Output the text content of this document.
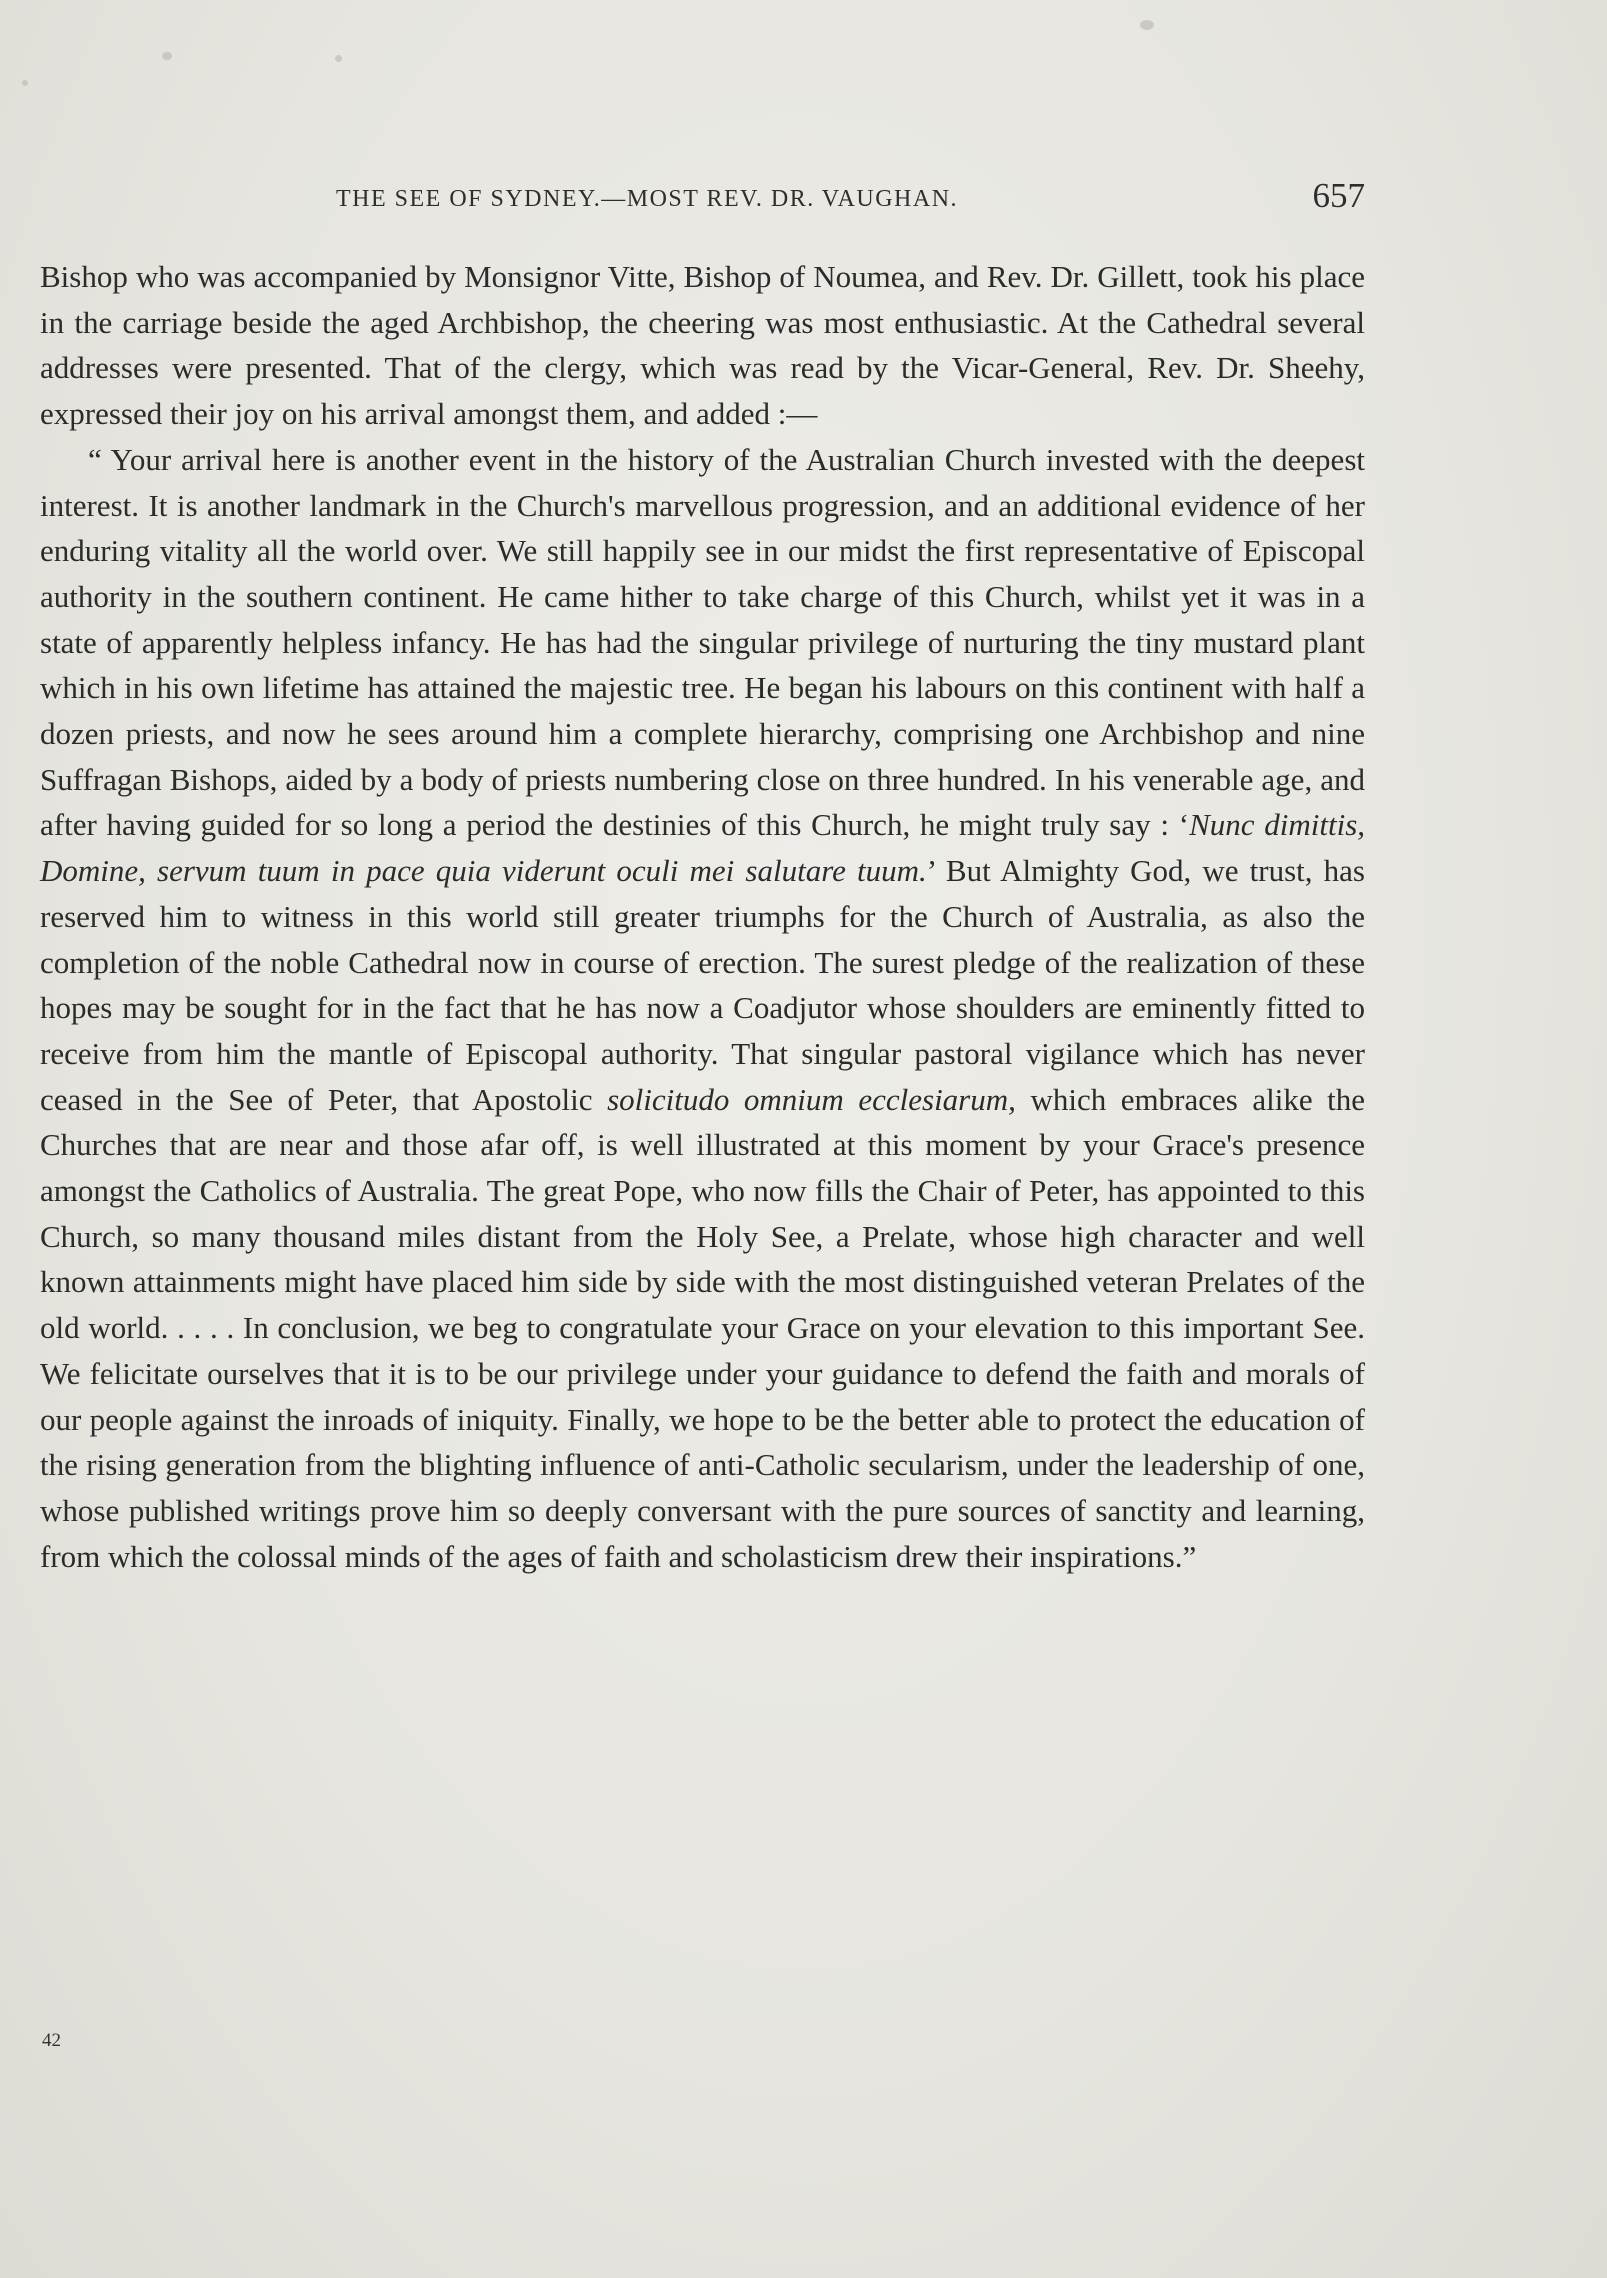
THE SEE OF SYDNEY.—MOST REV. DR. VAUGHAN.	657

Bishop who was accompanied by Monsignor Vitte, Bishop of Noumea, and Rev. Dr. Gillett, took his place in the carriage beside the aged Archbishop, the cheering was most enthusiastic. At the Cathedral several addresses were presented. That of the clergy, which was read by the Vicar-General, Rev. Dr. Sheehy, expressed their joy on his arrival amongst them, and added :—

“ Your arrival here is another event in the history of the Australian Church invested with the deepest interest. It is another landmark in the Church's marvellous progression, and an additional evidence of her enduring vitality all the world over. We still happily see in our midst the first representative of Episcopal authority in the southern continent. He came hither to take charge of this Church, whilst yet it was in a state of apparently helpless infancy. He has had the singular privilege of nurturing the tiny mustard plant which in his own lifetime has attained the majestic tree. He began his labours on this continent with half a dozen priests, and now he sees around him a complete hierarchy, comprising one Archbishop and nine Suffragan Bishops, aided by a body of priests numbering close on three hundred. In his venerable age, and after having guided for so long a period the destinies of this Church, he might truly say : ‘Nunc dimittis, Domine, servum tuum in pace quia viderunt oculi mei salutare tuum.’ But Almighty God, we trust, has reserved him to witness in this world still greater triumphs for the Church of Australia, as also the completion of the noble Cathedral now in course of erection. The surest pledge of the realization of these hopes may be sought for in the fact that he has now a Coadjutor whose shoulders are eminently fitted to receive from him the mantle of Episcopal authority. That singular pastoral vigilance which has never ceased in the See of Peter, that Apostolic solicitudo omnium ecclesiarum, which embraces alike the Churches that are near and those afar off, is well illustrated at this moment by your Grace's presence amongst the Catholics of Australia. The great Pope, who now fills the Chair of Peter, has appointed to this Church, so many thousand miles distant from the Holy See, a Prelate, whose high character and well known attainments might have placed him side by side with the most distinguished veteran Prelates of the old world. . . . . In conclusion, we beg to congratulate your Grace on your elevation to this important See. We felicitate ourselves that it is to be our privilege under your guidance to defend the faith and morals of our people against the inroads of iniquity. Finally, we hope to be the better able to protect the education of the rising generation from the blighting influence of anti-Catholic secularism, under the leadership of one, whose published writings prove him so deeply conversant with the pure sources of sanctity and learning, from which the colossal minds of the ages of faith and scholasticism drew their inspirations.”

42
